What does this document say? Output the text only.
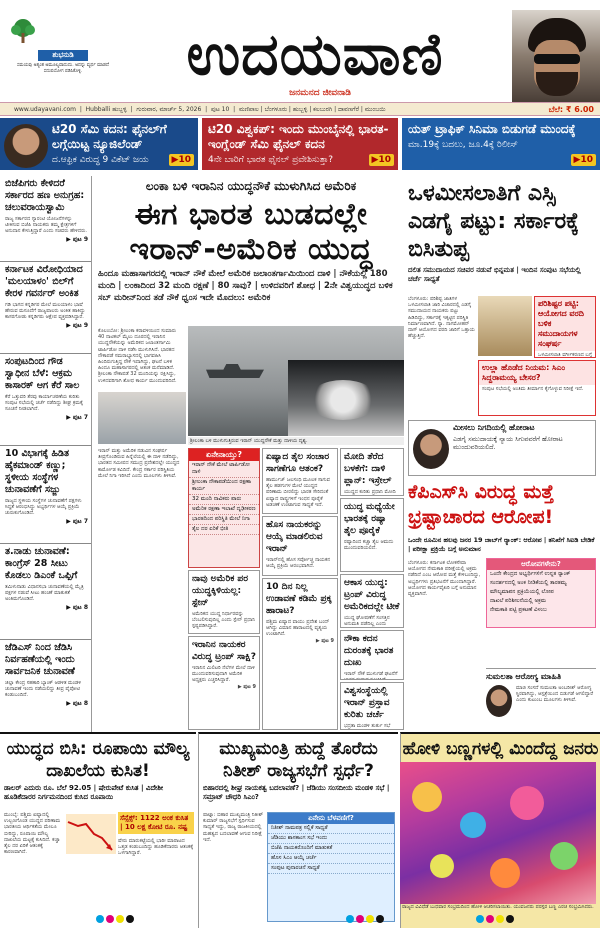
ಶುಭನುಡಿ
ಸಮಯವು ಅತ್ಯಂತ ಅಮೂಲ್ಯವಾದುದು. ಅದನ್ನು ವ್ಯರ್ಥ ಮಾಡದೆ ಸದುಪಯೋಗ ಪಡಿಸಿಕೊಳ್ಳಿ.	ಉದಯವಾಣಿ
ಜನಮನದ ಜೀವನಾಡಿ
www.udayavani.com  |  Hubballi ಹುಬ್ಬಳ್ಳಿ  |  ಗುರುವಾರ, ಮಾರ್ಚ್ 5, 2026  |  ಪುಟ 10  |  ಮಣಿಪಾಲ | ಬೆಂಗಳೂರು | ಹುಬ್ಬಳ್ಳಿ | ಕಲಬುರಗಿ | ದಾವಣಗೆರೆ | ಮುಂಬಯಿ	ಬೆಲೆ: ₹ 6.00
ಟಿ20 ಸೆಮಿ ಕದನ: ಫೈನಲ್‌ಗೆ ಲಗ್ಗೆಯಿಟ್ಟ ನ್ಯೂಜಿಲೆಂಡ್
ದ.ಆಫ್ರಿಕ ವಿರುದ್ಧ 9 ವಿಕೆಟ್ ಜಯ	▶10
ಟಿ20 ವಿಶ್ವಕಪ್: ಇಂದು ಮುಂಬೈನಲ್ಲಿ ಭಾರತ-ಇಂಗ್ಲೆಂಡ್ ಸೆಮಿ ಫೈನಲ್ ಕದನ
4ನೇ ಬಾರಿಗೆ ಭಾರತ ಫೈನಲ್ ಪ್ರವೇಶಿಸುತ್ತಾ?	▶10
ಯತ್ ಟ್ರಾಫಿಕ್ ಸಿನಿಮಾ ಬಿಡುಗಡೆ ಮುಂದಕ್ಕೆ
ಮಾ.19ಕ್ಕೆ ಬದಲು, ಜೂ.4ಕ್ಕೆ ರಿಲೀಸ್
▶10
ಬಿಜೆಪಿಗರು ಕೇಳಿದರೆ ಸರ್ಕಾರದ ಹಣ ಅನುಗ್ರಹ: ಚಲುವರಾಯಸ್ವಾಮಿ
ರಾಜ್ಯ ಸರ್ಕಾರದ ಗ್ಯಾರಂಟಿ ಯೋಜನೆಗಳನ್ನು ಟೀಕಿಸುವ ಬಿಜೆಪಿ ನಾಯಕರು ತಮ್ಮ ಕ್ಷೇತ್ರಗಳಿಗೆ ಅನುದಾನ ಕೇಳುತ್ತಿದ್ದಾರೆ ಎಂದು ಸಚಿವರು ಹೇಳಿದರು.
▶ ಪುಟ 9
ಕರ್ನಾಟಕ ವಿರೋಧಿಯಾದ 'ಮಲಯಾಳಂ' ಬಿಲ್‌ಗೆ ಕೇರಳ ಗವರ್ನರ್ ಅಂಕಿತ
ಗಡಿ ಭಾಗದ ಕನ್ನಡಿಗರ ಮೇಲೆ ಮಲಯಾಳಂ ಭಾಷೆ ಹೇರುವ ಮಸೂದೆಗೆ ರಾಜ್ಯಪಾಲರು ಅಂಕಿತ ಹಾಕಿದ್ದು ಕಾಸರಗೋಡು ಕನ್ನಡಿಗರು ಆಕ್ಷೇಪ ವ್ಯಕ್ತಪಡಿಸಿದ್ದಾರೆ.
▶ ಪುಟ 9
ಸಂಪುಟದಿಂದ ಗೌಡ ಸ್ವಾಧೀನ ಬೆಳೆ: ಆಕ್ರಮ ಕಾಸಾರಕ್ ಆಗ ಕೆರೆ ಸಾಲ
ಕೆರೆ ಒತ್ತುವರಿ ತೆರವು ಕಾರ್ಯಾಚರಣೆಯ ಕುರಿತು ಸಂಪುಟ ಸಭೆಯಲ್ಲಿ ಚರ್ಚೆ ನಡೆದಿದ್ದು ಶೀಘ್ರ ಕ್ರಮಕ್ಕೆ ಸೂಚನೆ ನೀಡಲಾಗಿದೆ.
▶ ಪುಟ 7
10 ವಿಭಾಗಕ್ಕೆ ಹಿಡಿತ ಹೈಕಮಾಂಡ್ ಕಣ್ಣು; ಸ್ಥಳೀಯ ಸಂಸ್ಥೆಗಳ ಚುನಾವಣೆಗೆ ಸಜ್ಜು
ರಾಜ್ಯದ ಸ್ಥಳೀಯ ಸಂಸ್ಥೆಗಳ ಚುನಾವಣೆಗೆ ಪಕ್ಷಗಳು ಸಿದ್ಧತೆ ಆರಂಭಿಸಿದ್ದು ಅಭ್ಯರ್ಥಿಗಳ ಆಯ್ಕೆ ಪ್ರಕ್ರಿಯೆ ಚುರುಕುಗೊಂಡಿದೆ.
▶ ಪುಟ 7
ತ.ನಾಡು ಚುನಾವಣೆ: ಕಾಂಗ್ರೆಸ್ 28 ಸೀಟು ಕೊಡಲು ಡಿಎಂಕೆ ಒಪ್ಪಿಗೆ
ತಮಿಳುನಾಡು ವಿಧಾನಸಭಾ ಚುನಾವಣೆಯಲ್ಲಿ ಮೈತ್ರಿ ಪಕ್ಷಗಳ ನಡುವೆ ಸೀಟು ಹಂಚಿಕೆ ಮಾತುಕತೆ ಅಂತಿಮಗೊಂಡಿದೆ.
▶ ಪುಟ 8
ಜೆಡಿಎಸ್ ನಿಂದ ಜೆಡಿಸಿ ನಿರ್ವಹಣೆಯಲ್ಲಿ ಇಂದು ಸಾರ್ವಜನಿಕ ಚುನಾವಣೆ
ಜಿಲ್ಲಾ ಕೇಂದ್ರ ಸಹಕಾರಿ ಬ್ಯಾಂಕ್ ಆಡಳಿತ ಮಂಡಳಿ ಚುನಾವಣೆ ಇಂದು ನಡೆಯಲಿದ್ದು ತೀವ್ರ ಪೈಪೋಟಿ ಕಂಡುಬಂದಿದೆ.
▶ ಪುಟ 8
ಲಂಕಾ ಬಳಿ ಇರಾನಿನ ಯುದ್ಧನೌಕೆ ಮುಳುಗಿಸಿದ ಅಮೆರಿಕ
ಈಗ ಭಾರತ ಬುಡದಲ್ಲೇ
ಇರಾನ್-ಅಮೆರಿಕ ಯುದ್ಧ
ಹಿಂದೂ ಮಹಾಸಾಗರದಲ್ಲಿ ಇರಾನ್ ನೌಕೆ ಮೇಲೆ ಅಮೆರಿಕ ಜಲಾಂತರ್ಗಾಮಿಯಿಂದ ದಾಳಿ | ನೌಕೆಯಲ್ಲಿ 180 ಮಂದಿ | ಲಂಕಾದಿಂದ 32 ಮಂದಿ ರಕ್ಷಣೆ | 80 ಸಾವು? | ಉಳಿದವರಿಗೆ ಶೋಧ | 2ನೇ ವಿಶ್ವಯುದ್ಧದ ಬಳಿಕ ಸಬ್ ಮರೀನ್‌ನಿಂದ ತಡೆ ನೌಕೆ ಧ್ವಂಸ ಇದೇ ಮೊದಲು: ಅಮೆರಿಕ
ಕೊಲಂಬೋ: ಶ್ರೀಲಂಕಾ ಕರಾವಳಿಯಿಂದ ಸುಮಾರು 40 ನಾಟಿಕಲ್ ಮೈಲು ದೂರದಲ್ಲಿ ಇರಾನಿನ ಯುದ್ಧನೌಕೆಯನ್ನು ಅಮೆರಿಕದ ಜಲಾಂತರ್ಗಾಮಿ ಟಾರ್ಪಿಡೋ ದಾಳಿ ನಡೆಸಿ ಮುಳುಗಿಸಿದೆ. ಭಾರತದ ನೌಕಾಪಡೆ ಸಮರಾಭ್ಯಾಸದಲ್ಲಿ ಭಾಗವಹಿಸಿ ಹಿಂದಿರುಗುತ್ತಿದ್ದ ನೌಕೆ ಇದಾಗಿದ್ದು, ಘಟನೆ ಬಳಿಕ ಹಿಂದೂ ಮಹಾಸಾಗರದಲ್ಲಿ ಆತಂಕ ಮನೆಮಾಡಿದೆ. ಶ್ರೀಲಂಕಾ ನೌಕಾಪಡೆ 32 ಮಂದಿಯನ್ನು ರಕ್ಷಿಸಿದ್ದು, ಉಳಿದವರಿಗಾಗಿ ಶೋಧ ಕಾರ್ಯ ಮುಂದುವರಿದಿದೆ.
ಶ್ರೀಲಂಕಾ ಬಳಿ ಮುಳುಗುತ್ತಿರುವ ಇರಾನ್ ಯುದ್ಧನೌಕೆ ಮತ್ತು ದಾಳಿಯ ದೃಶ್ಯ.
ಇರಾನ್ ಮತ್ತು ಅಮೆರಿಕ ನಡುವಿನ ಸಂಘರ್ಷ ತೀವ್ರಗೊಂಡಿರುವ ಹಿನ್ನೆಲೆಯಲ್ಲಿ ಈ ದಾಳಿ ನಡೆದಿದ್ದು, ಭಾರತದ ಸಮೀಪದ ಸಮುದ್ರ ಪ್ರದೇಶದಲ್ಲೇ ಯುದ್ಧದ ಕಾರ್ಮೋಡ ಕವಿದಿದೆ. ಕೇಂದ್ರ ಸರ್ಕಾರ ಪರಿಸ್ಥಿತಿಯ ಮೇಲೆ ನಿಗಾ ಇರಿಸಿದೆ ಎಂದು ಮೂಲಗಳು ತಿಳಿಸಿವೆ.
ಏನೇನಾಯ್ತು?
ಇರಾನ್ ನೌಕೆ ಮೇಲೆ ಟಾರ್ಪಿಡೋ ದಾಳಿ
ಶ್ರೀಲಂಕಾ ನೌಕಾಪಡೆಯಿಂದ ರಕ್ಷಣಾ ಕಾರ್ಯ
32 ಮಂದಿ ನಾವಿಕರು ಪಾರು
ಅಮೆರಿಕ ರಕ್ಷಣಾ ಇಲಾಖೆ ದೃಢೀಕರಣ
ಭಾರತದಿಂದ ಪರಿಸ್ಥಿತಿ ಮೇಲೆ ನಿಗಾ
ತೈಲ ದರ ಏರಿಕೆ ಭೀತಿ
ಏಷ್ಯಾದ ತೈಲ ಸಂಚಾರ ಸಾಗಣೆಗೂ ಆತಂಕ?
ಹಾರ್ಮುಜ್ ಜಲಸಂಧಿ ಮೂಲಕ ಸಾಗುವ ತೈಲ ಹಡಗುಗಳ ಮೇಲೆ ಯುದ್ಧದ ಪರಿಣಾಮ ಬೀರಲಿದ್ದು ಭಾರತ ಸೇರಿದಂತೆ ಏಷ್ಯಾದ ರಾಷ್ಟ್ರಗಳಿಗೆ ಇಂಧನ ಪೂರೈಕೆ ಅಡಚಣೆ ಉಂಟಾಗುವ ಸಾಧ್ಯತೆ ಇದೆ.
ಮೋದಿ ತೆರೆದ ಬಳಕೆಗೆ: ದಾಳಿ ಪ್ಲಾನ್: ಇಸ್ರೇಲ್
ಯುದ್ಧದ ಕುರಿತು ಪ್ರಧಾನಿ ಮೋದಿ
ಯುದ್ಧ ಮಧ್ಯೆಯೇ ಭಾರತಕ್ಕೆ ರಷ್ಯಾ ತೈಲ ಪೂರೈಕೆ
ರಷ್ಯಾದಿಂದ ಕಚ್ಚಾ ತೈಲ ಆಮದು ಮುಂದುವರಿಯಲಿದೆ.
ನಾವು ಅಮೆರಿಕ ಪರ ಯುದ್ಧಕ್ಕಿಳಿಯಲ್ಲ: ಸ್ಪೇನ್
ಅಮೆರಿಕದ ಯುದ್ಧ ನಿರ್ಧಾರವನ್ನು ಬೆಂಬಲಿಸುವುದಿಲ್ಲ ಎಂದು ಸ್ಪೇನ್ ಪ್ರಧಾನಿ ಸ್ಪಷ್ಟಪಡಿಸಿದ್ದಾರೆ.
ಹೊಸ ನಾಯಕರನ್ನು ಆಯ್ಕೆ ಮಾಡಲಿರುವ ಇರಾನ್
ಇರಾನ್‌ನಲ್ಲಿ ಹೊಸ ಸರ್ವೋಚ್ಚ ನಾಯಕನ ಆಯ್ಕೆ ಪ್ರಕ್ರಿಯೆ ಆರಂಭವಾಗಿದೆ.
ಆಕಾಸ ಯುದ್ಧ: ಟ್ರಂಪ್ ವಿರುದ್ಧ ಅಮೆರಿಕದಲ್ಲೇ ಟೀಕೆ
ಯುದ್ಧ ಘೋಷಣೆಗೆ ಸಂಸತ್ತಿನ ಅನುಮತಿ ಪಡೆದಿಲ್ಲ ಎಂದು
ಇರಾನಿನ ನಾಯಕರ ವಿರುದ್ಧ ಟ್ರಂಪ್ ಸಾಕ್ಷಿ?
ಇರಾನಿನ ಮಿಲಿಟರಿ ನೆಲೆಗಳ ಮೇಲೆ ದಾಳಿ ಮುಂದುವರಿಸುವುದಾಗಿ ಅಮೆರಿಕ ಅಧ್ಯಕ್ಷರು ಎಚ್ಚರಿಸಿದ್ದಾರೆ.
▶ ಪುಟ 9
10 ದಿನ ನಿಲ್ಲ ಉಡಾವಣೆ ಕಡಿಮೆ ಪ್ರಕ್ಕ ಹಾರಾಟ?
ಪಶ್ಚಿಮ ಏಷ್ಯಾದ ವಾಯು ಪ್ರದೇಶ ಬಂದ್ ಆಗಿದ್ದು ವಿಮಾನ ಹಾರಾಟದಲ್ಲಿ ವ್ಯತ್ಯಯ ಉಂಟಾಗಿದೆ.
▶ ಪುಟ 9	ನೌಕಾ ಕದನ ದುರಂತಕ್ಕೆ ಭಾರತ ದುಃಖ
ಇರಾನ್ ನೌಕೆ ಮುಳುಗಡೆ ಘಟನೆಗೆ
ವಿಶ್ವಸಂಸ್ಥೆಯಲ್ಲಿ ಇರಾನ್ ಪ್ರಸ್ತಾವ ಕುರಿತು ಚರ್ಚೆ
ಭದ್ರತಾ ಮಂಡಳಿ ತುರ್ತು ಸಭೆ
ಒಳಮೀಸಲಾತಿಗೆ ಎಸ್ಸಿ ಎಡಗೈ ಪಟ್ಟು: ಸರ್ಕಾರಕ್ಕೆ ಬಿಸಿತುಪ್ಪ
ದಲಿತ ಸಮುದಾಯದ ಸಚಿವರ ನಡುವೆ ಭಿನ್ನಮತ | ಇಂದಿನ ಸಂಪುಟ ಸಭೆಯಲ್ಲಿ ಚರ್ಚೆ ಸಾಧ್ಯತೆ
ಬೆಂಗಳೂರು: ಪರಿಶಿಷ್ಟ ಜಾತಿಗಳ ಒಳಮೀಸಲಾತಿ ಜಾರಿ ವಿಚಾರದಲ್ಲಿ ಎಡಗೈ ಸಮುದಾಯದ ನಾಯಕರು ಪಟ್ಟು ಹಿಡಿದಿದ್ದು, ಸರ್ಕಾರಕ್ಕೆ ಇಕ್ಕಟ್ಟಿನ ಪರಿಸ್ಥಿತಿ ನಿರ್ಮಾಣವಾಗಿದೆ. ನ್ಯಾ. ನಾಗಮೋಹನ್ ದಾಸ್ ಆಯೋಗದ ವರದಿ ಜಾರಿಗೆ ಒತ್ತಾಯ ಹೆಚ್ಚುತ್ತಿದೆ.
ಪರಿಶಿಷ್ಟರ ಪಟ್ಟಿ: ಆಯೋಗದ ವರದಿ ಬಳಿಕ ಸಮುದಾಯಗಳ ಸಂಘರ್ಷ
ಒಳಮೀಸಲಾತಿ ವರ್ಗೀಕರಣದ ಬಗ್ಗೆ
ಉಲ್ಲಾ ಹೊಡೆದ ನಿಯಮ: ಸಿಎಂ ಸಿದ್ದರಾಮಯ್ಯ ಬೇಸರ?
ಸಂಪುಟ ಸಭೆಯಲ್ಲಿ ಅಂತಿಮ ತೀರ್ಮಾನ ಕೈಗೊಳ್ಳುವ ನಿರೀಕ್ಷೆ ಇದೆ.
ಮೀಸಲು ನಿಗದಿಯಲ್ಲಿ ಹೋರಾಟ
ಎಡಗೈ ಸಮುದಾಯಕ್ಕೆ ನ್ಯಾಯ ಸಿಗುವವರೆಗೆ ಹೋರಾಟ ಮುಂದುವರಿಯಲಿದೆ.
ಕೆಪಿಎಸ್‌ಸಿ ವಿರುದ್ಧ ಮತ್ತೆ ಭ್ರಷ್ಟಾಚಾರದ ಆರೋಪ!
ಒಂದೇ ರೂಮಿನ ಹಲವು ಜನರ 19 ಜಾಬ್‌ಗೆ ರ‍್ಯಾಂಕ್: ಆರೋಪ | ತನಿಖೆಗೆ ಸಿಐಡಿ ಬೇಡಿಕೆ | ಪರೀಕ್ಷಾ ಪ್ರಕ್ರಿಯೆ ಬಗ್ಗೆ ಅನುಮಾನ
ಬೆಂಗಳೂರು: ಕರ್ನಾಟಕ ಲೋಕಸೇವಾ ಆಯೋಗದ ನೇಮಕಾತಿ ಪರೀಕ್ಷೆಯಲ್ಲಿ ಅಕ್ರಮ ನಡೆದಿದೆ ಎಂಬ ಆರೋಪ ಮತ್ತೆ ಕೇಳಿಬಂದಿದ್ದು, ಅಭ್ಯರ್ಥಿಗಳು ಪ್ರತಿಭಟನೆಗೆ ಮುಂದಾಗಿದ್ದಾರೆ. ಆಯೋಗದ ಕಾರ್ಯವೈಖರಿ ಬಗ್ಗೆ ಅನುಮಾನ ವ್ಯಕ್ತವಾಗಿದೆ.
ಆರೋಪಗಳೇನು?
ಒಂದೇ ಕೇಂದ್ರದ ಅಭ್ಯರ್ಥಿಗಳಿಗೆ ಉನ್ನತ ರ‍್ಯಾಂಕ್
ಸಂದರ್ಶನದಲ್ಲಿ ಅಂಕ ನೀಡಿಕೆಯಲ್ಲಿ ತಾರತಮ್ಯ
ಮೌಲ್ಯಮಾಪನ ಪ್ರಕ್ರಿಯೆಯಲ್ಲಿ ಲೋಪ
ದಾಖಲೆ ಪರಿಶೀಲನೆಯಲ್ಲಿ ಅಕ್ರಮ
ನೇಮಕಾತಿ ಪಟ್ಟಿ ಪ್ರಕಟಣೆ ವಿಳಂಬ
ಸುಮಲತಾ ಆರೋಗ್ಯ ಮಾಹಿತಿ
ಮಾಜಿ ಸಂಸದೆ ಸುಮಲತಾ ಅಂಬರೀಶ್ ಆರೋಗ್ಯ ಸ್ಥಿರವಾಗಿದ್ದು, ಆಸ್ಪತ್ರೆಯಿಂದ ಬಿಡುಗಡೆ ಆಗಲಿದ್ದಾರೆ ಎಂದು ಕುಟುಂಬ ಮೂಲಗಳು ತಿಳಿಸಿವೆ.
ಯುದ್ಧದ ಬಿಸಿ: ರೂಪಾಯಿ ಮೌಲ್ಯ ದಾಖಲೆಯ ಕುಸಿತ!
ಡಾಲರ್ ಎದುರು ರೂ. ಬೆಲೆ 92.05 | ಷೇರುಪೇಟೆ ಕುಸಿತ | ವಿದೇಶೀ ಹೂಡಿಕೆದಾರರ ನಿರ್ಗಮನದಿಂದ ಕುಸಿದ ರೂಪಾಯಿ
ಮುಂಬೈ: ಪಶ್ಚಿಮ ಏಷ್ಯಾದಲ್ಲಿ ಉಲ್ಬಣಗೊಂಡ ಯುದ್ಧದ ಪರಿಣಾಮ ಭಾರತೀಯ ಆರ್ಥಿಕತೆಯ ಮೇಲೂ ಬೀರಿದ್ದು, ರೂಪಾಯಿ ಮೌಲ್ಯ ದಾಖಲೆಯ ಮಟ್ಟಕ್ಕೆ ಕುಸಿದಿದೆ. ಕಚ್ಚಾ ತೈಲ ದರ ಏರಿಕೆ ಆತಂಕಕ್ಕೆ ಕಾರಣವಾಗಿದೆ.
ಸೆನ್ಸೆಕ್ಸ್: 1122 ಅಂಕ ಕುಸಿತ | 10 ಲಕ್ಷ ಕೋಟಿ ರೂ. ನಷ್ಟ
ಷೇರು ಮಾರುಕಟ್ಟೆಯಲ್ಲಿ ಭಾರೀ ಮಾರಾಟದ ಒತ್ತಡ ಕಂಡುಬಂದಿದ್ದು ಹೂಡಿಕೆದಾರರು ಆತಂಕಕ್ಕೆ ಒಳಗಾಗಿದ್ದಾರೆ.
ಮುಖ್ಯಮಂತ್ರಿ ಹುದ್ದೆ ತೊರೆದು ನಿತೀಶ್ ರಾಜ್ಯಸಭೆಗೆ ಸ್ಪರ್ಧೆ?
ಬಿಹಾರದಲ್ಲಿ ಶೀಘ್ರ ನಾಯಕತ್ವ ಬದಲಾವಣೆ? | ಜೆಡಿಯು ಸಂಸದೀಯ ಮಂಡಳಿ ಸಭೆ | ಸಮ್ರಾಟ್ ಚೌಧರಿ ಸಿಎಂ?
ಪಾಟ್ನಾ: ಬಿಹಾರ ಮುಖ್ಯಮಂತ್ರಿ ನಿತೀಶ್ ಕುಮಾರ್ ರಾಜ್ಯಸಭೆಗೆ ಸ್ಪರ್ಧಿಸುವ ಸಾಧ್ಯತೆ ಇದ್ದು, ರಾಜ್ಯ ರಾಜಕೀಯದಲ್ಲಿ ಮಹತ್ವದ ಬದಲಾವಣೆ ಆಗುವ ನಿರೀಕ್ಷೆ ಇದೆ.
ಏನೇನು ಬೆಳವಣಿಗೆ?
ನಿತೀಶ್ ನಾಮಪತ್ರ ಸಲ್ಲಿಕೆ ಸಾಧ್ಯತೆ
ಜೆಡಿಯು ಶಾಸಕಾಂಗ ಸಭೆ ಇಂದು
ಬಿಜೆಪಿ ನಾಯಕರೊಂದಿಗೆ ಮಾತುಕತೆ
ಹೊಸ ಸಿಎಂ ಆಯ್ಕೆ ಚರ್ಚೆ
ಸಂಪುಟ ಪುನಾರಚನೆ ಸಾಧ್ಯತೆ
ಹೋಳಿ ಬಣ್ಣಗಳಲ್ಲಿ ಮಿಂದೆದ್ದ ಜನರು
ರಾಜ್ಯದ ವಿವಿಧೆಡೆ ಬುಧವಾರ ಸಂಭ್ರಮದಿಂದ ಹೋಳಿ ಆಚರಿಸಲಾಯಿತು. ಯುವಜನರು ಪರಸ್ಪರ ಬಣ್ಣ ಎರಚಿ ಸಂಭ್ರಮಿಸಿದರು.
